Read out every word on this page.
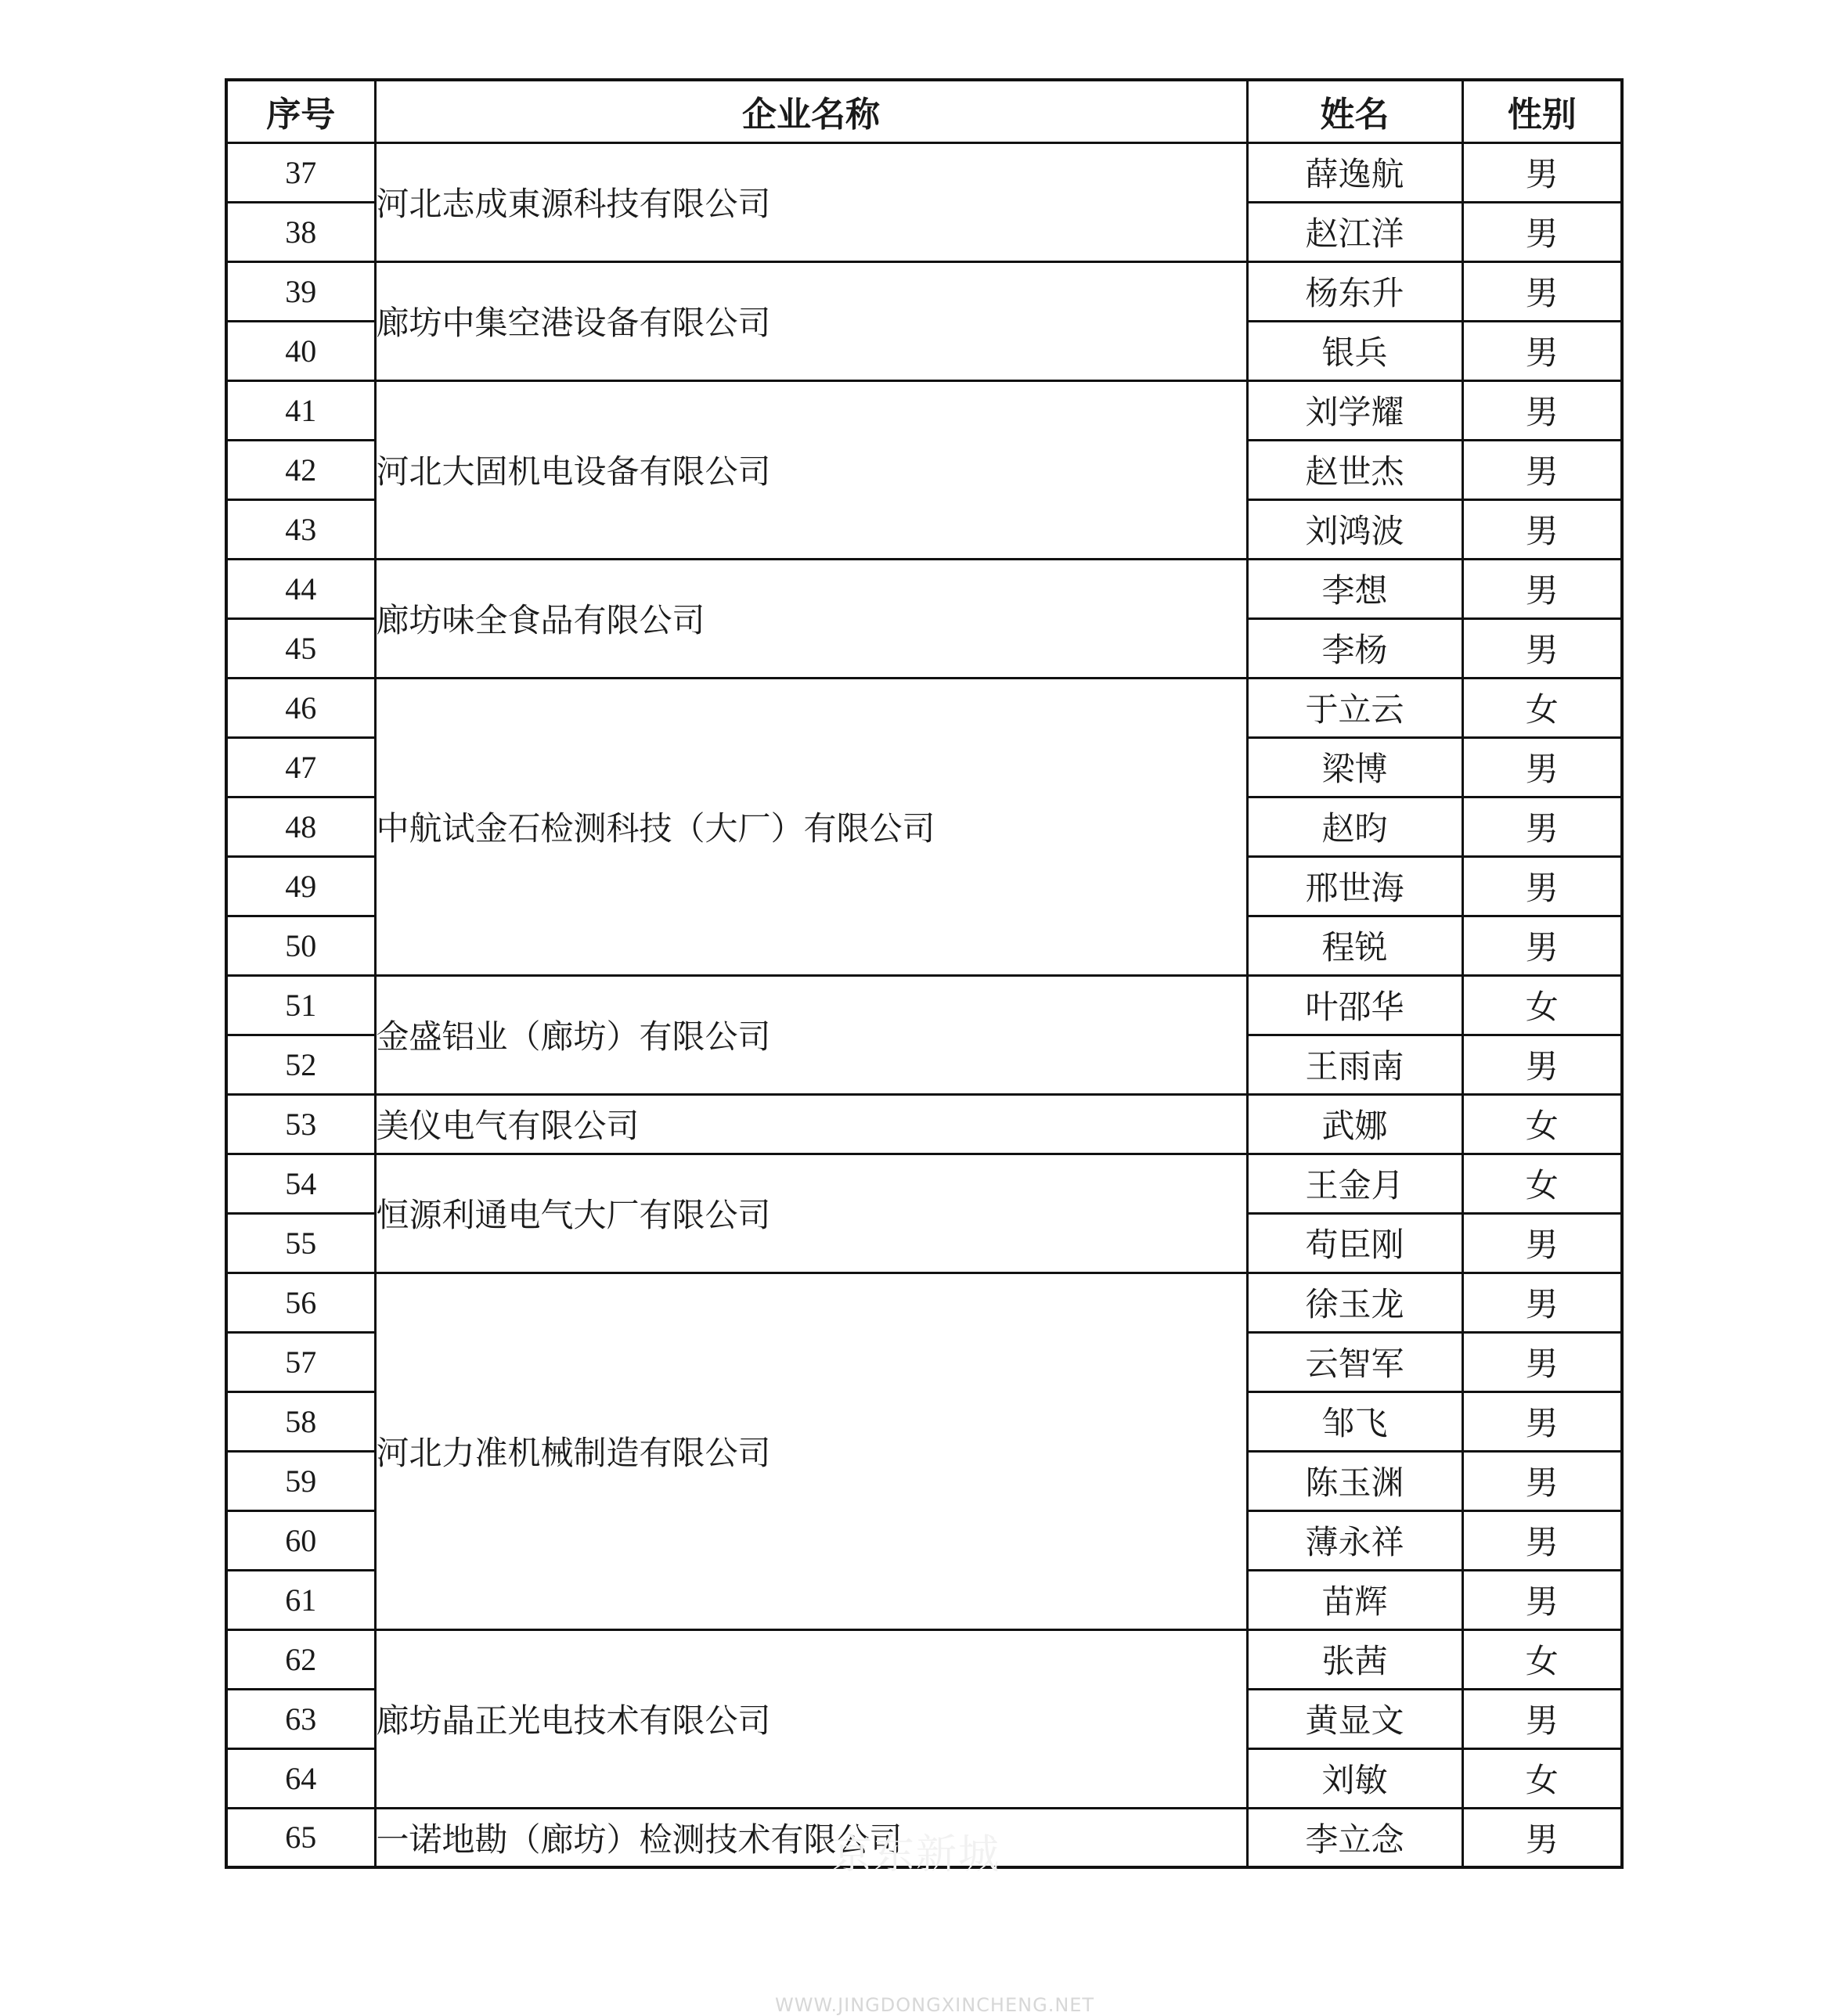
序号	企业名称	姓名	性别
37	河北志成東源科技有限公司	薛逸航	男
38		赵江洋	男
39	廊坊中集空港设备有限公司	杨东升	男
40		银兵	男
41	河北大固机电设备有限公司	刘学耀	男
42		赵世杰	男
43		刘鸿波	男
44	廊坊味全食品有限公司	李想	男
45		李杨	男
46	中航试金石检测科技（大厂）有限公司	于立云	女
47		梁博	男
48		赵昀	男
49		邢世海	男
50		程锐	男
51	金盛铝业（廊坊）有限公司	叶邵华	女
52		王雨南	男
53	美仪电气有限公司	武娜	女
54	恒源利通电气大厂有限公司	王金月	女
55		苟臣刚	男
56	河北力准机械制造有限公司	徐玉龙	男
57		云智军	男
58		邹飞	男
59		陈玉渊	男
60		薄永祥	男
61		苗辉	男
62	廊坊晶正光电技术有限公司	张茜	女
63		黄显文	男
64		刘敏	女
65	一诺地勘（廊坊）检测技术有限公司	李立念	男
京东新城
WWW.JINGDONGXINCHENG.NET
